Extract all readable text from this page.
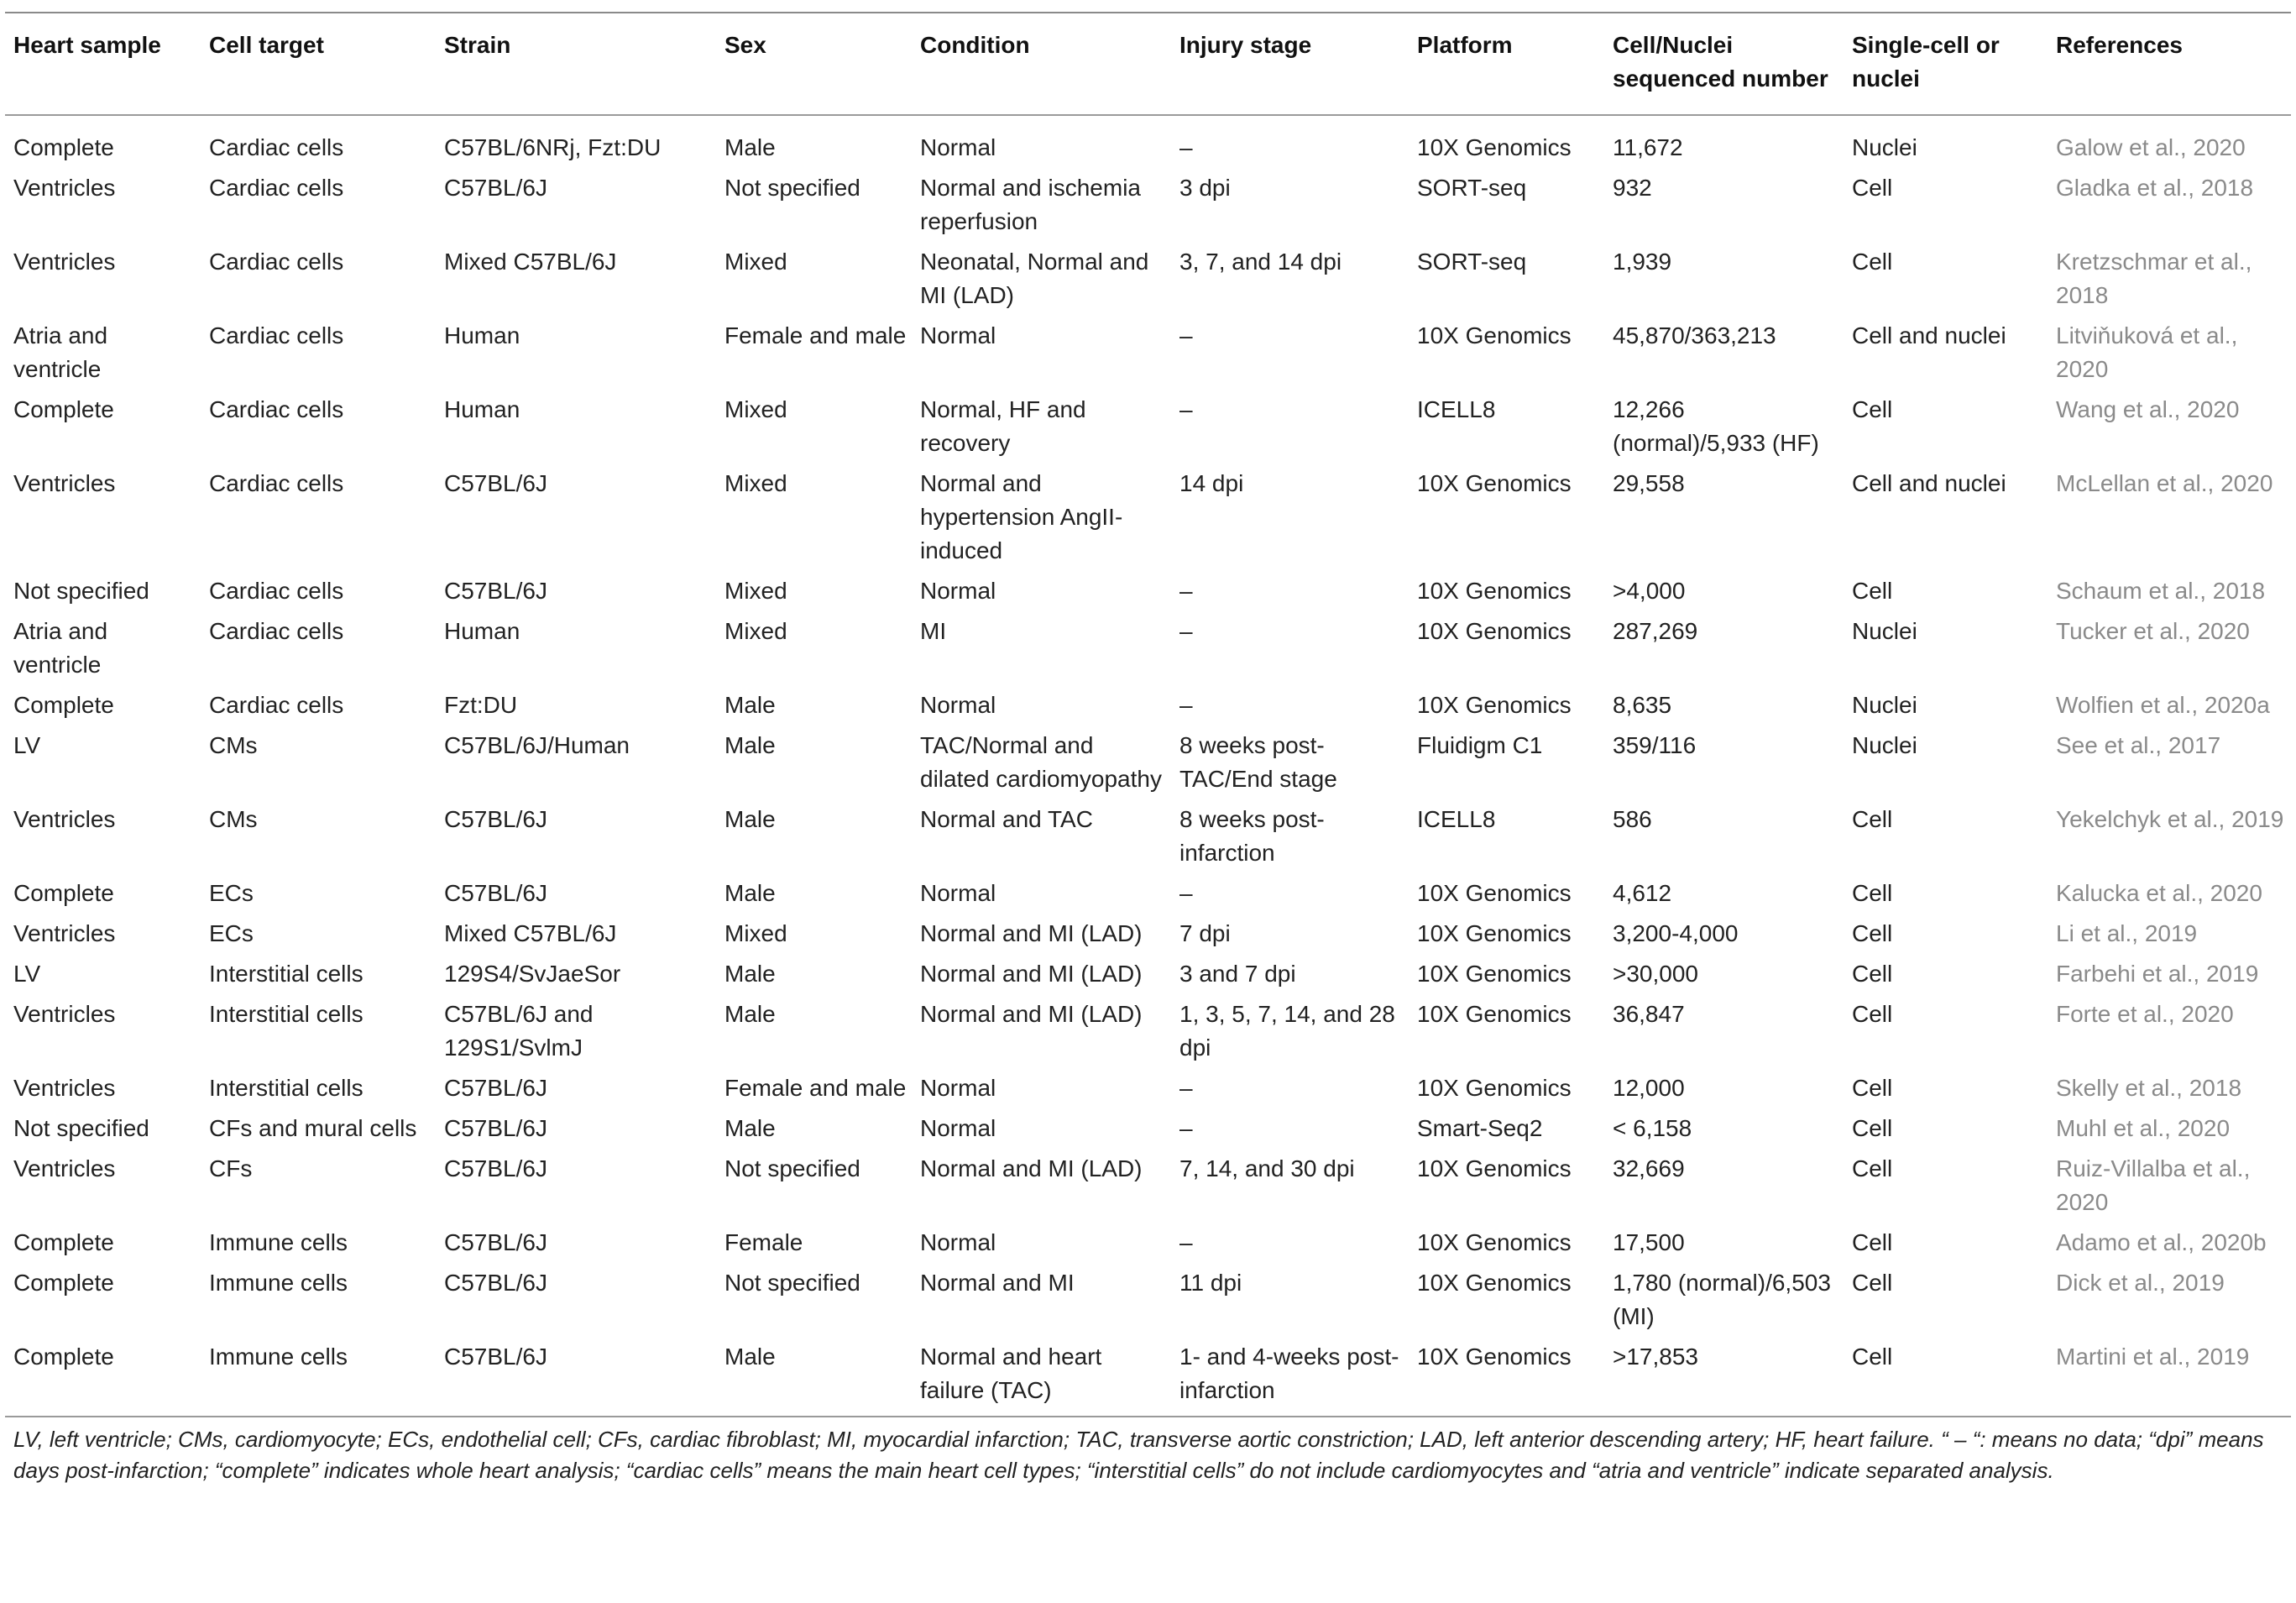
Heart sample	Cell target	Strain	Sex	Condition	Injury stage	Platform	Cell/Nuclei sequenced number	Single-cell or nuclei	References
Complete	Cardiac cells	C57BL/6NRj, Fzt:DU	Male	Normal	–	10X Genomics	11,672	Nuclei	Galow et al., 2020
Ventricles	Cardiac cells	C57BL/6J	Not specified	Normal and ischemia reperfusion	3 dpi	SORT-seq	932	Cell	Gladka et al., 2018
Ventricles	Cardiac cells	Mixed C57BL/6J	Mixed	Neonatal, Normal and MI (LAD)	3, 7, and 14 dpi	SORT-seq	1,939	Cell	Kretzschmar et al., 2018
Atria and ventricle	Cardiac cells	Human	Female and male	Normal	–	10X Genomics	45,870/363,213	Cell and nuclei	Litviňuková et al., 2020
Complete	Cardiac cells	Human	Mixed	Normal, HF and recovery	–	ICELL8	12,266 (normal)/5,933 (HF)	Cell	Wang et al., 2020
Ventricles	Cardiac cells	C57BL/6J	Mixed	Normal and hypertension AngII-induced	14 dpi	10X Genomics	29,558	Cell and nuclei	McLellan et al., 2020
Not specified	Cardiac cells	C57BL/6J	Mixed	Normal	–	10X Genomics	>4,000	Cell	Schaum et al., 2018
Atria and ventricle	Cardiac cells	Human	Mixed	MI	–	10X Genomics	287,269	Nuclei	Tucker et al., 2020
Complete	Cardiac cells	Fzt:DU	Male	Normal	–	10X Genomics	8,635	Nuclei	Wolfien et al., 2020a
LV	CMs	C57BL/6J/Human	Male	TAC/Normal and dilated cardiomyopathy	8 weeks post-TAC/End stage	Fluidigm C1	359/116	Nuclei	See et al., 2017
Ventricles	CMs	C57BL/6J	Male	Normal and TAC	8 weeks post-infarction	ICELL8	586	Cell	Yekelchyk et al., 2019
Complete	ECs	C57BL/6J	Male	Normal	–	10X Genomics	4,612	Cell	Kalucka et al., 2020
Ventricles	ECs	Mixed C57BL/6J	Mixed	Normal and MI (LAD)	7 dpi	10X Genomics	3,200-4,000	Cell	Li et al., 2019
LV	Interstitial cells	129S4/SvJaeSor	Male	Normal and MI (LAD)	3 and 7 dpi	10X Genomics	>30,000	Cell	Farbehi et al., 2019
Ventricles	Interstitial cells	C57BL/6J and 129S1/SvlmJ	Male	Normal and MI (LAD)	1, 3, 5, 7, 14, and 28 dpi	10X Genomics	36,847	Cell	Forte et al., 2020
Ventricles	Interstitial cells	C57BL/6J	Female and male	Normal	–	10X Genomics	12,000	Cell	Skelly et al., 2018
Not specified	CFs and mural cells	C57BL/6J	Male	Normal	–	Smart-Seq2	< 6,158	Cell	Muhl et al., 2020
Ventricles	CFs	C57BL/6J	Not specified	Normal and MI (LAD)	7, 14, and 30 dpi	10X Genomics	32,669	Cell	Ruiz-Villalba et al., 2020
Complete	Immune cells	C57BL/6J	Female	Normal	–	10X Genomics	17,500	Cell	Adamo et al., 2020b
Complete	Immune cells	C57BL/6J	Not specified	Normal and MI	11 dpi	10X Genomics	1,780 (normal)/6,503 (MI)	Cell	Dick et al., 2019
Complete	Immune cells	C57BL/6J	Male	Normal and heart failure (TAC)	1- and 4-weeks post-infarction	10X Genomics	>17,853	Cell	Martini et al., 2019
LV, left ventricle; CMs, cardiomyocyte; ECs, endothelial cell; CFs, cardiac fibroblast; MI, myocardial infarction; TAC, transverse aortic constriction; LAD, left anterior descending artery; HF, heart failure. “ – “: means no data; “dpi” means days post-infarction; “complete” indicates whole heart analysis; “cardiac cells” means the main heart cell types; “interstitial cells” do not include cardiomyocytes and “atria and ventricle” indicate separated analysis.
